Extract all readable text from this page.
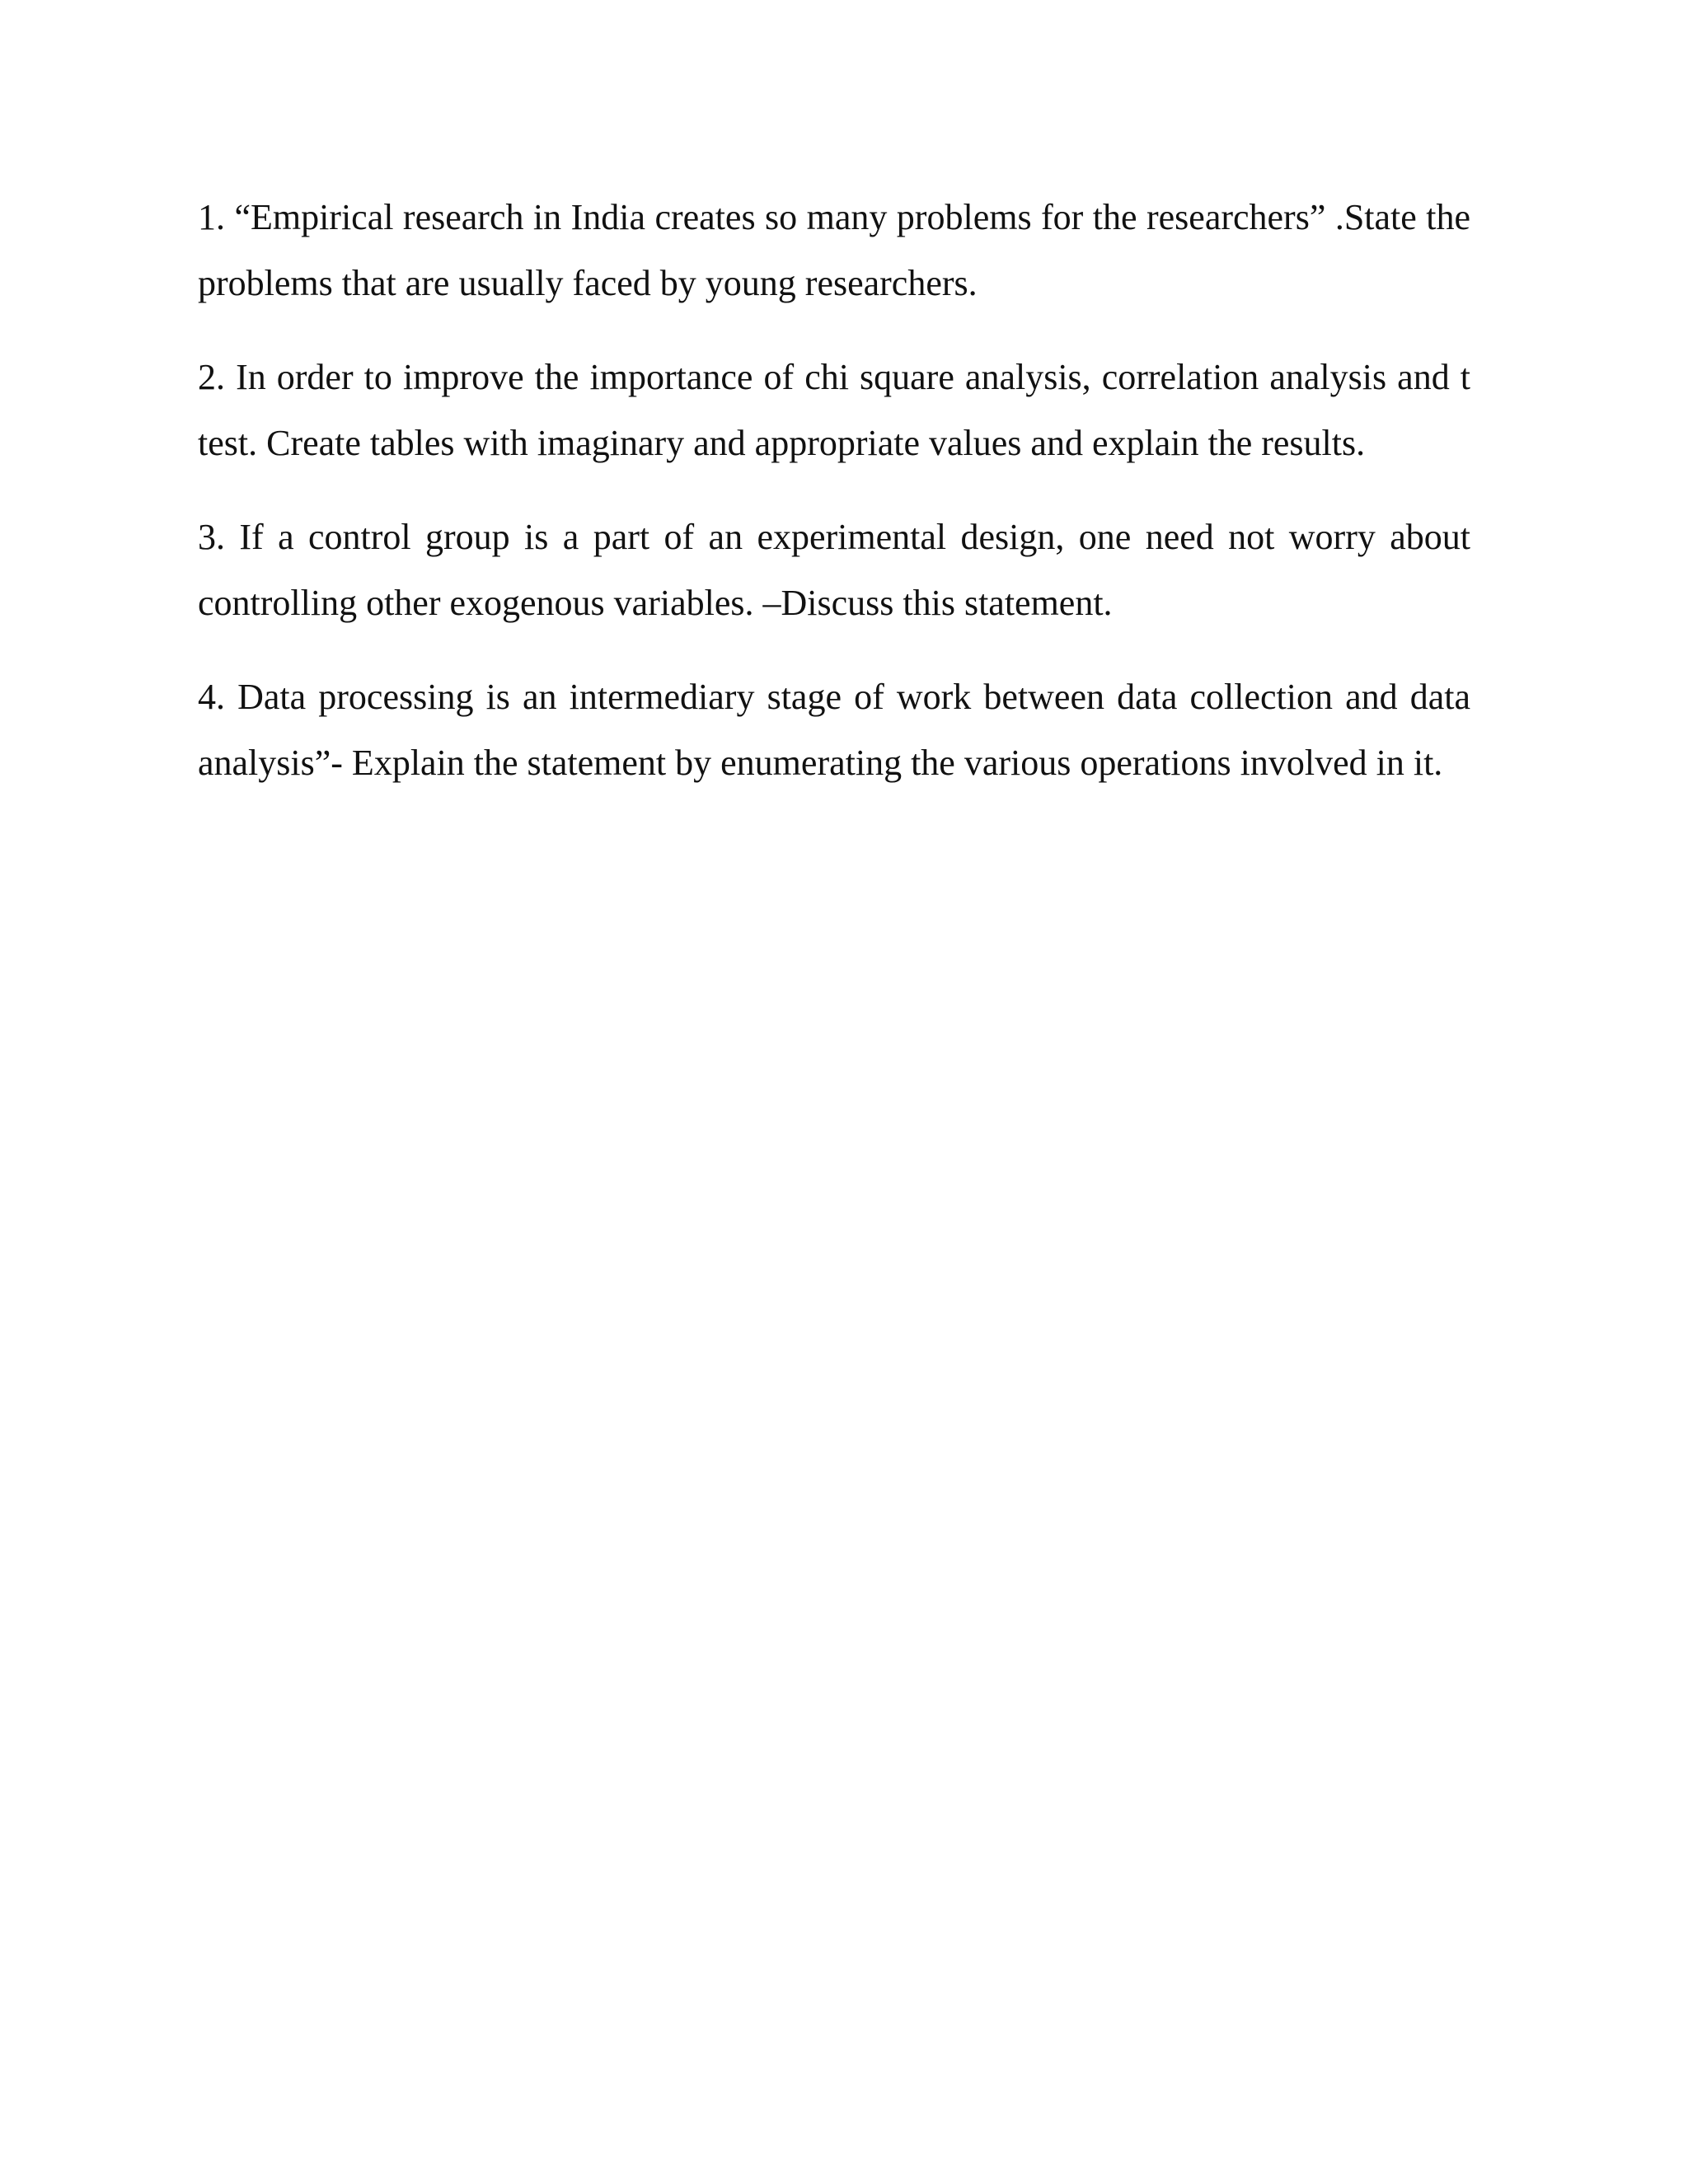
1. “Empirical research in India creates so many problems for the researchers” .State the problems that are usually faced by young researchers.
2. In order to improve the importance of chi square analysis, correlation analysis and t test. Create tables with imaginary and appropriate values and explain the results.
3. If a control group is a part of an experimental design, one need not worry about controlling other exogenous variables. –Discuss this statement.
4. Data processing is an intermediary stage of work between data collection and data analysis”- Explain the statement by enumerating the various operations involved in it.
